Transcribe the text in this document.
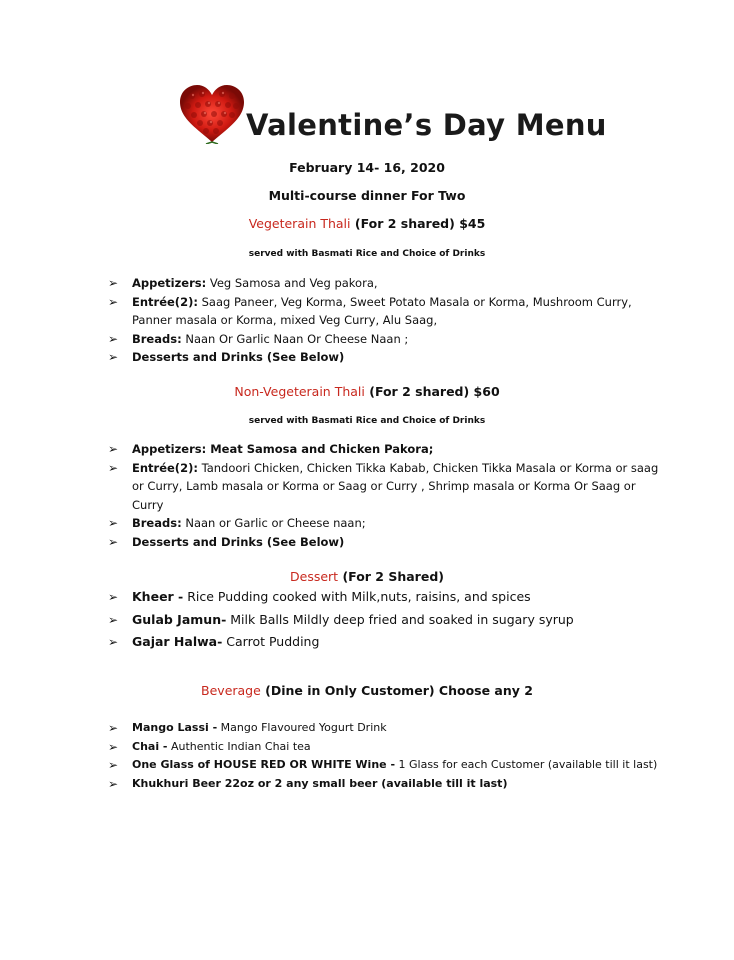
Valentine’s Day Menu
February 14- 16, 2020
Multi-course dinner For Two
Vegeterain Thali (For 2 shared) $45
served with Basmati Rice and Choice of Drinks
➢ Appetizers: Veg Samosa and Veg pakora,
➢ Entrée(2): Saag Paneer, Veg Korma, Sweet Potato Masala or Korma, Mushroom Curry, Panner masala or Korma, mixed Veg Curry, Alu Saag,
➢ Breads: Naan Or Garlic Naan Or Cheese Naan ;
➢ Desserts and Drinks (See Below)
Non-Vegeterain Thali (For 2 shared) $60
served with Basmati Rice and Choice of Drinks
➢ Appetizers: Meat Samosa and Chicken Pakora;
➢ Entrée(2): Tandoori Chicken, Chicken Tikka Kabab, Chicken Tikka Masala or Korma or saag or Curry, Lamb masala or Korma or Saag or Curry , Shrimp masala or Korma Or Saag or Curry
➢ Breads: Naan or Garlic or Cheese naan;
➢ Desserts and Drinks (See Below)
Dessert (For 2 Shared)
➢ Kheer - Rice Pudding cooked with Milk,nuts, raisins, and spices
➢ Gulab Jamun- Milk Balls Mildly deep fried and soaked in sugary syrup
➢ Gajar Halwa- Carrot Pudding
Beverage (Dine in Only Customer) Choose any 2
➢ Mango Lassi - Mango Flavoured Yogurt Drink
➢ Chai - Authentic Indian Chai tea
➢ One Glass of HOUSE RED OR WHITE Wine - 1 Glass for each Customer (available till it last)
➢ Khukhuri Beer 22oz or 2 any small beer (available till it last)
